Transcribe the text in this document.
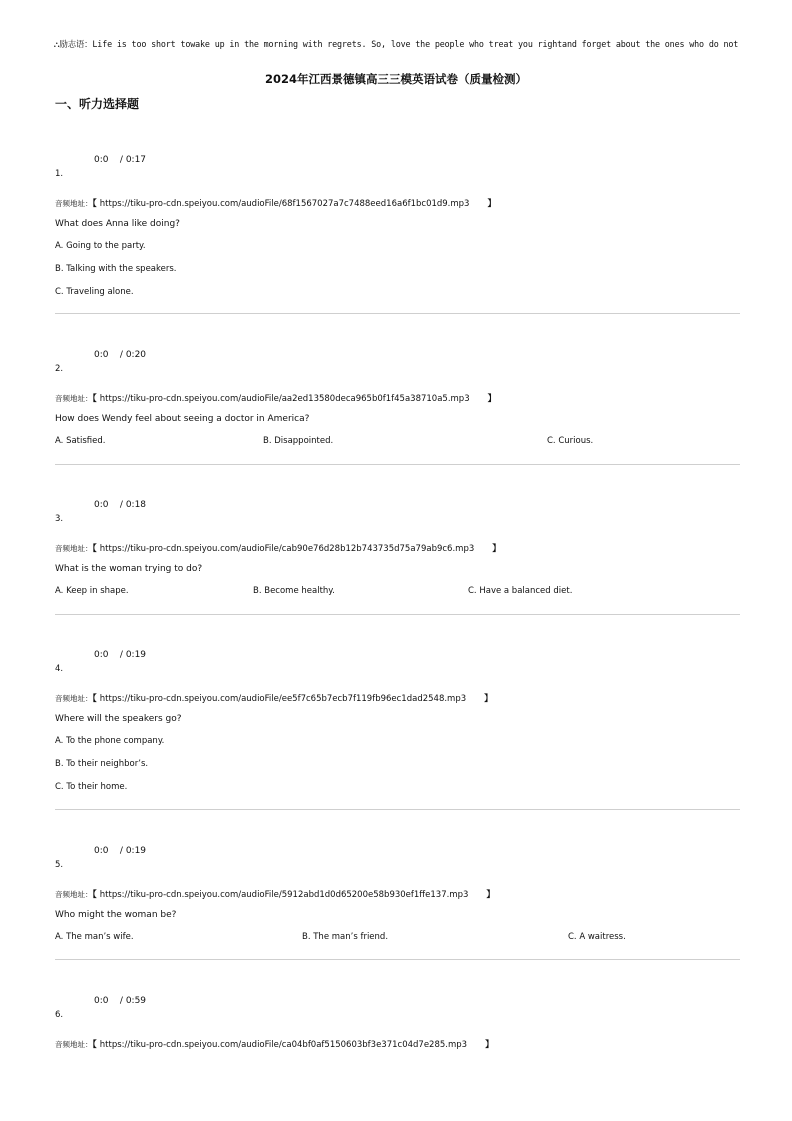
⛬励志语：Life is too short towake up in the morning with regrets. So, love the people who treat you rightand forget about the ones who do not
2024年江西景德镇高三三模英语试卷（质量检测）
一、听力选择题
0:0    / 0:17
1.
音频地址：【 https://tiku-pro-cdn.speiyou.com/audioFile/68f1567027a7c7488eed16a6f1bc01d9.mp3 】
What does Anna like doing?
A. Going to the party.
B. Talking with the speakers.
C. Traveling alone.
0:0    / 0:20
2.
音频地址：【 https://tiku-pro-cdn.speiyou.com/audioFile/aa2ed13580deca965b0f1f45a38710a5.mp3 】
How does Wendy feel about seeing a doctor in America?
A. Satisfied.	B. Disappointed.	C. Curious.
0:0    / 0:18
3.
音频地址：【 https://tiku-pro-cdn.speiyou.com/audioFile/cab90e76d28b12b743735d75a79ab9c6.mp3 】
What is the woman trying to do?
A. Keep in shape.	B. Become healthy.	C. Have a balanced diet.
0:0    / 0:19
4.
音频地址：【 https://tiku-pro-cdn.speiyou.com/audioFile/ee5f7c65b7ecb7f119fb96ec1dad2548.mp3 】
Where will the speakers go?
A. To the phone company.
B. To their neighbor’s.
C. To their home.
0:0    / 0:19
5.
音频地址：【 https://tiku-pro-cdn.speiyou.com/audioFile/5912abd1d0d65200e58b930ef1ffe137.mp3 】
Who might the woman be?
A. The man’s wife.	B. The man’s friend.	C. A waitress.
0:0    / 0:59
6.
音频地址：【 https://tiku-pro-cdn.speiyou.com/audioFile/ca04bf0af5150603bf3e371c04d7e285.mp3 】
